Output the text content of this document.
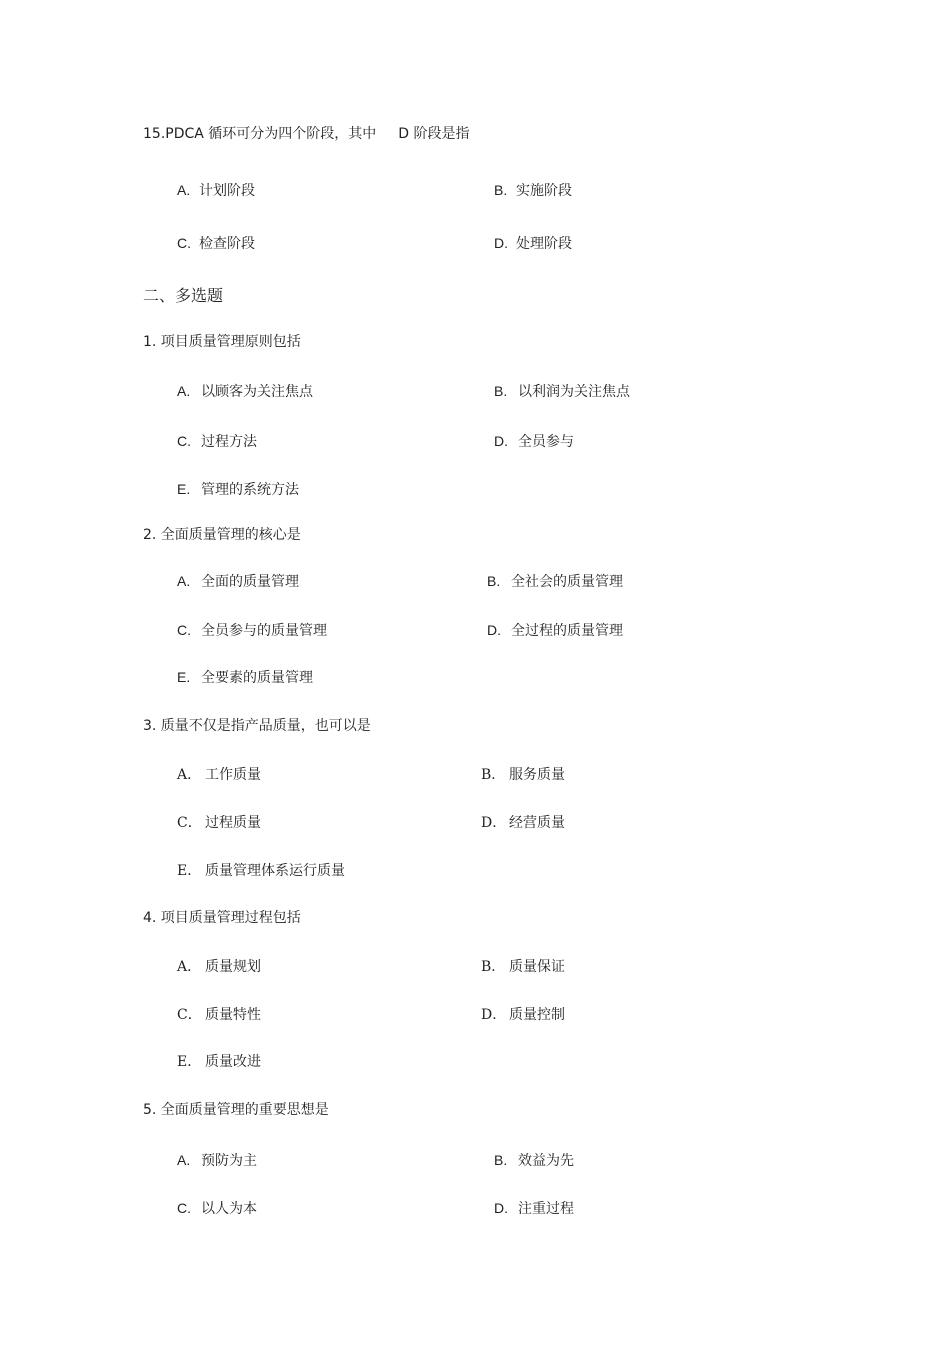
15.PDCA 循环可分为四个阶段，其中 D 阶段是指
A. 计划阶段	B. 实施阶段
C. 检查阶段	D. 处理阶段
二、多选题
1. 项目质量管理原则包括
A. 以顾客为关注焦点	B. 以利润为关注焦点
C. 过程方法	D. 全员参与
E. 管理的系统方法
2. 全面质量管理的核心是
A. 全面的质量管理	B. 全社会的质量管理
C. 全员参与的质量管理	D. 全过程的质量管理
E. 全要素的质量管理
3. 质量不仅是指产品质量，也可以是
A． 工作质量	B． 服务质量
C． 过程质量	D． 经营质量
E． 质量管理体系运行质量
4. 项目质量管理过程包括
A． 质量规划	B． 质量保证
C． 质量特性	D． 质量控制
E． 质量改进
5. 全面质量管理的重要思想是
A. 预防为主	B. 效益为先
C. 以人为本	D. 注重过程
